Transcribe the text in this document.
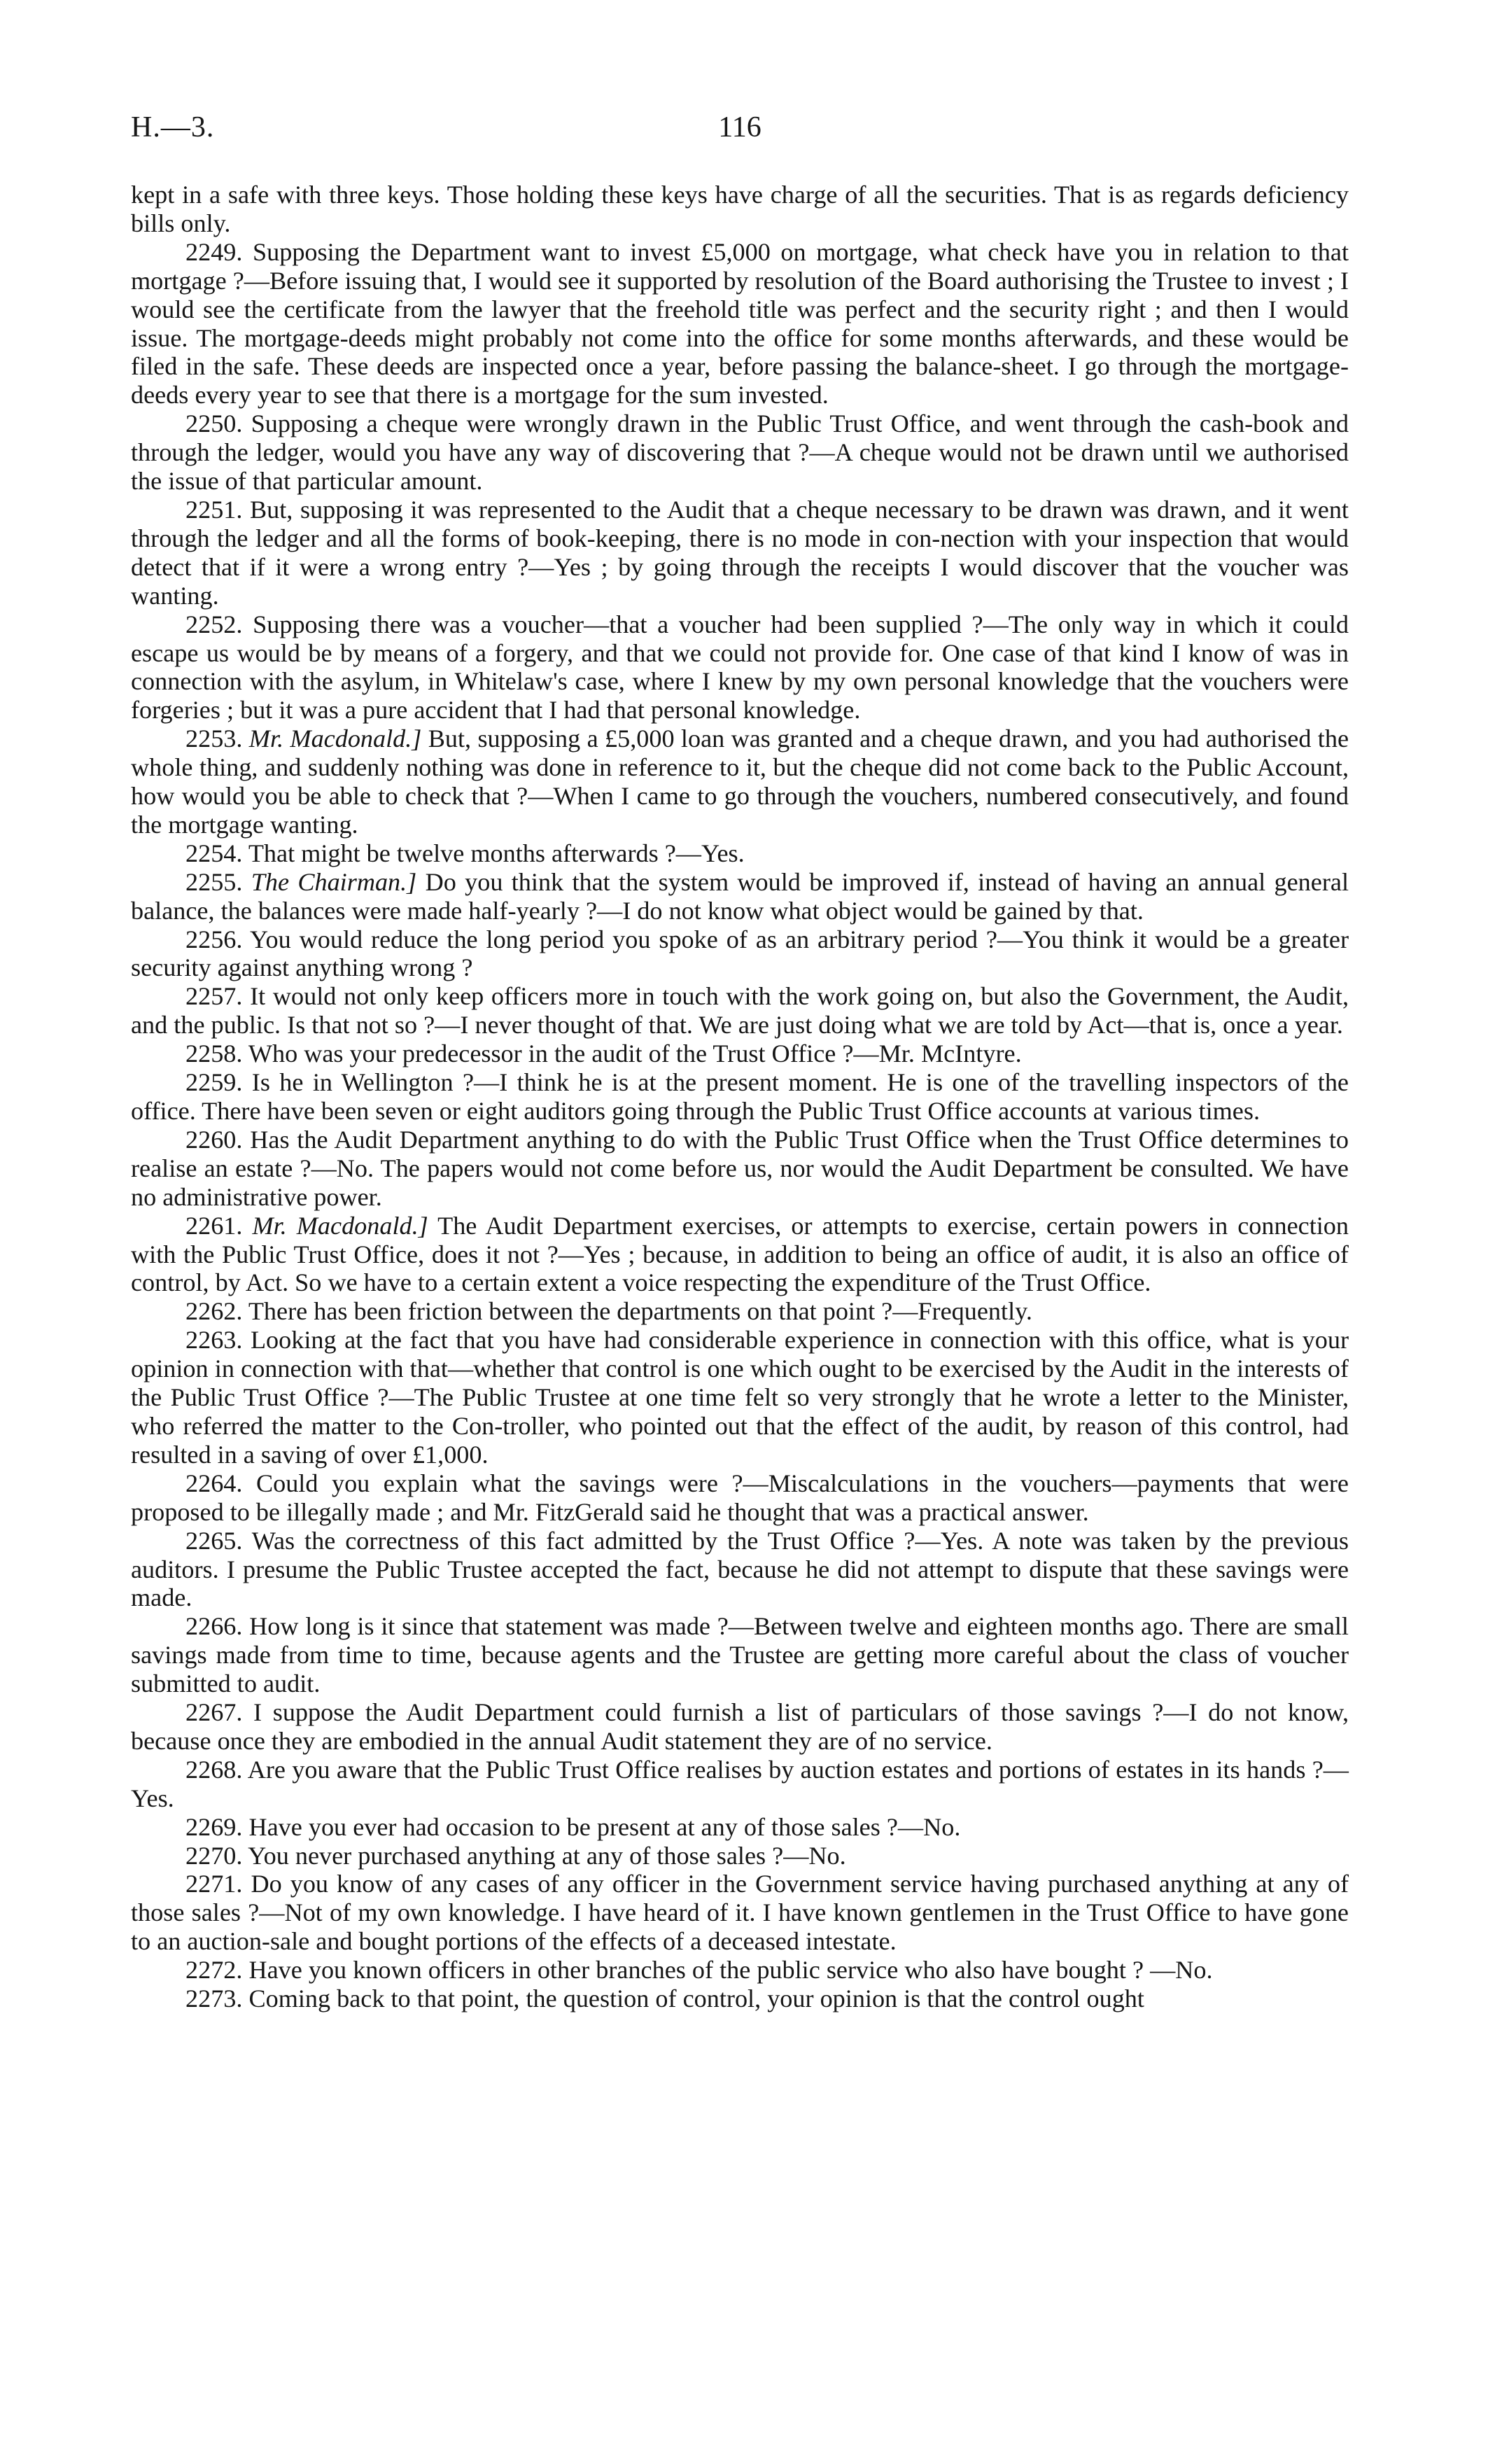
H.—3.	116

kept in a safe with three keys. Those holding these keys have charge of all the securities. That is as regards deficiency bills only.

2249. Supposing the Department want to invest £5,000 on mortgage, what check have you in relation to that mortgage ?—Before issuing that, I would see it supported by resolution of the Board authorising the Trustee to invest ; I would see the certificate from the lawyer that the freehold title was perfect and the security right ; and then I would issue. The mortgage-deeds might probably not come into the office for some months afterwards, and these would be filed in the safe. These deeds are inspected once a year, before passing the balance-sheet. I go through the mortgage-deeds every year to see that there is a mortgage for the sum invested.

2250. Supposing a cheque were wrongly drawn in the Public Trust Office, and went through the cash-book and through the ledger, would you have any way of discovering that ?—A cheque would not be drawn until we authorised the issue of that particular amount.

2251. But, supposing it was represented to the Audit that a cheque necessary to be drawn was drawn, and it went through the ledger and all the forms of book-keeping, there is no mode in con-nection with your inspection that would detect that if it were a wrong entry ?—Yes ; by going through the receipts I would discover that the voucher was wanting.

2252. Supposing there was a voucher—that a voucher had been supplied ?—The only way in which it could escape us would be by means of a forgery, and that we could not provide for. One case of that kind I know of was in connection with the asylum, in Whitelaw's case, where I knew by my own personal knowledge that the vouchers were forgeries ; but it was a pure accident that I had that personal knowledge.

2253. Mr. Macdonald.] But, supposing a £5,000 loan was granted and a cheque drawn, and you had authorised the whole thing, and suddenly nothing was done in reference to it, but the cheque did not come back to the Public Account, how would you be able to check that ?—When I came to go through the vouchers, numbered consecutively, and found the mortgage wanting.

2254. That might be twelve months afterwards ?—Yes.

2255. The Chairman.] Do you think that the system would be improved if, instead of having an annual general balance, the balances were made half-yearly ?—I do not know what object would be gained by that.

2256. You would reduce the long period you spoke of as an arbitrary period ?—You think it would be a greater security against anything wrong ?

2257. It would not only keep officers more in touch with the work going on, but also the Government, the Audit, and the public. Is that not so ?—I never thought of that. We are just doing what we are told by Act—that is, once a year.

2258. Who was your predecessor in the audit of the Trust Office ?—Mr. McIntyre.

2259. Is he in Wellington ?—I think he is at the present moment. He is one of the travelling inspectors of the office. There have been seven or eight auditors going through the Public Trust Office accounts at various times.

2260. Has the Audit Department anything to do with the Public Trust Office when the Trust Office determines to realise an estate ?—No. The papers would not come before us, nor would the Audit Department be consulted. We have no administrative power.

2261. Mr. Macdonald.] The Audit Department exercises, or attempts to exercise, certain powers in connection with the Public Trust Office, does it not ?—Yes ; because, in addition to being an office of audit, it is also an office of control, by Act. So we have to a certain extent a voice respecting the expenditure of the Trust Office.

2262. There has been friction between the departments on that point ?—Frequently.

2263. Looking at the fact that you have had considerable experience in connection with this office, what is your opinion in connection with that—whether that control is one which ought to be exercised by the Audit in the interests of the Public Trust Office ?—The Public Trustee at one time felt so very strongly that he wrote a letter to the Minister, who referred the matter to the Con-troller, who pointed out that the effect of the audit, by reason of this control, had resulted in a saving of over £1,000.

2264. Could you explain what the savings were ?—Miscalculations in the vouchers—payments that were proposed to be illegally made ; and Mr. FitzGerald said he thought that was a practical answer.

2265. Was the correctness of this fact admitted by the Trust Office ?—Yes. A note was taken by the previous auditors. I presume the Public Trustee accepted the fact, because he did not attempt to dispute that these savings were made.

2266. How long is it since that statement was made ?—Between twelve and eighteen months ago. There are small savings made from time to time, because agents and the Trustee are getting more careful about the class of voucher submitted to audit.

2267. I suppose the Audit Department could furnish a list of particulars of those savings ?—I do not know, because once they are embodied in the annual Audit statement they are of no service.

2268. Are you aware that the Public Trust Office realises by auction estates and portions of estates in its hands ?—Yes.

2269. Have you ever had occasion to be present at any of those sales ?—No.

2270. You never purchased anything at any of those sales ?—No.

2271. Do you know of any cases of any officer in the Government service having purchased anything at any of those sales ?—Not of my own knowledge. I have heard of it. I have known gentlemen in the Trust Office to have gone to an auction-sale and bought portions of the effects of a deceased intestate.

2272. Have you known officers in other branches of the public service who also have bought ? —No.

2273. Coming back to that point, the question of control, your opinion is that the control ought
